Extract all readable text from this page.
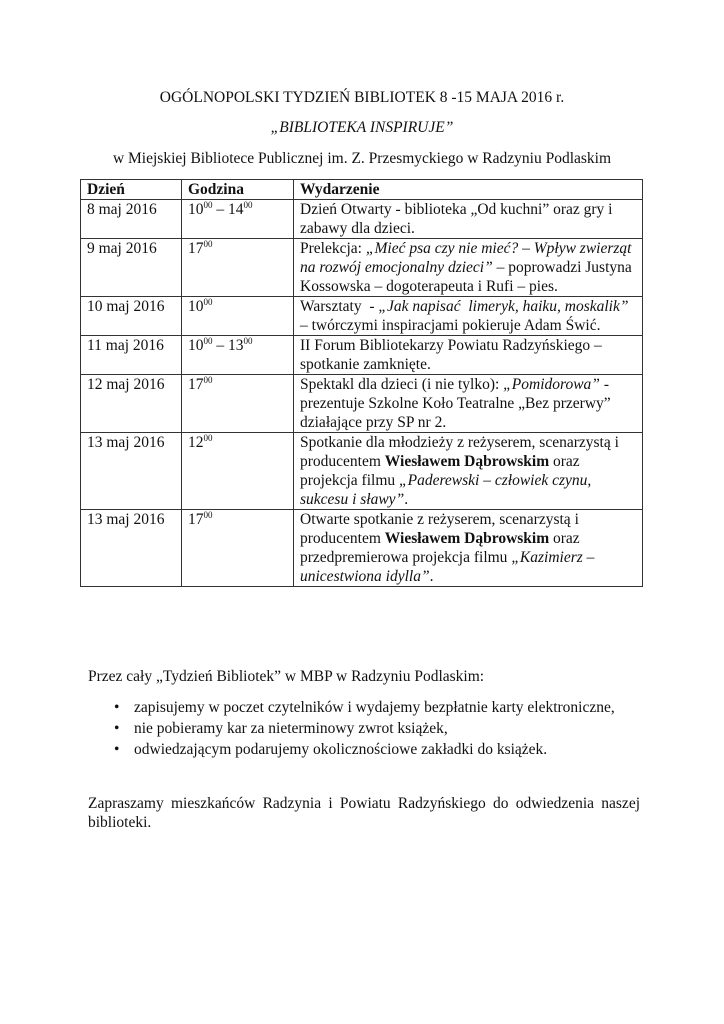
OGÓLNOPOLSKI TYDZIEŃ BIBLIOTEK 8 -15 MAJA 2016 r.
„BIBLIOTEKA INSPIRUJE”
w Miejskiej Bibliotece Publicznej im. Z. Przesmyckiego w Radzyniu Podlaskim
Dzień	Godzina	Wydarzenie
8 maj 2016	$10^{00} - 14^{00}$	Dzień Otwarty - biblioteka „Od kuchni” oraz gry i zabawy dla dzieci.
9 maj 2016	$17^{00}$	Prelekcja: „Mieć psa czy nie mieć? – Wpływ zwierząt na rozwój emocjonalny dzieci” – poprowadzi Justyna Kossowska – dogoterapeuta i Rufi – pies.
10 maj 2016	$10^{00}$	Warsztaty  - „Jak napisać  limeryk, haiku, moskalik” – twórczymi inspiracjami pokieruje Adam Świć.
11 maj 2016	$10^{00} - 13^{00}$	II Forum Bibliotekarzy Powiatu Radzyńskiego – spotkanie zamknięte.
12 maj 2016	$17^{00}$	Spektakl dla dzieci (i nie tylko): „Pomidorowa” - prezentuje Szkolne Koło Teatralne „Bez przerwy” działające przy SP nr 2.
13 maj 2016	$12^{00}$	Spotkanie dla młodzieży z reżyserem, scenarzystą i producentem Wiesławem Dąbrowskim oraz projekcja filmu „Paderewski – człowiek czynu, sukcesu i sławy”.
13 maj 2016	$17^{00}$	Otwarte spotkanie z reżyserem, scenarzystą i producentem Wiesławem Dąbrowskim oraz przedpremierowa projekcja filmu „Kazimierz – unicestwiona idylla”.
Przez cały „Tydzień Bibliotek” w MBP w Radzyniu Podlaskim:
• zapisujemy w poczet czytelników i wydajemy bezpłatnie karty elektroniczne,
• nie pobieramy kar za nieterminowy zwrot książek,
• odwiedzającym podarujemy okolicznościowe zakładki do książek.
Zapraszamy mieszkańców Radzynia i Powiatu Radzyńskiego do odwiedzenia naszej biblioteki.
